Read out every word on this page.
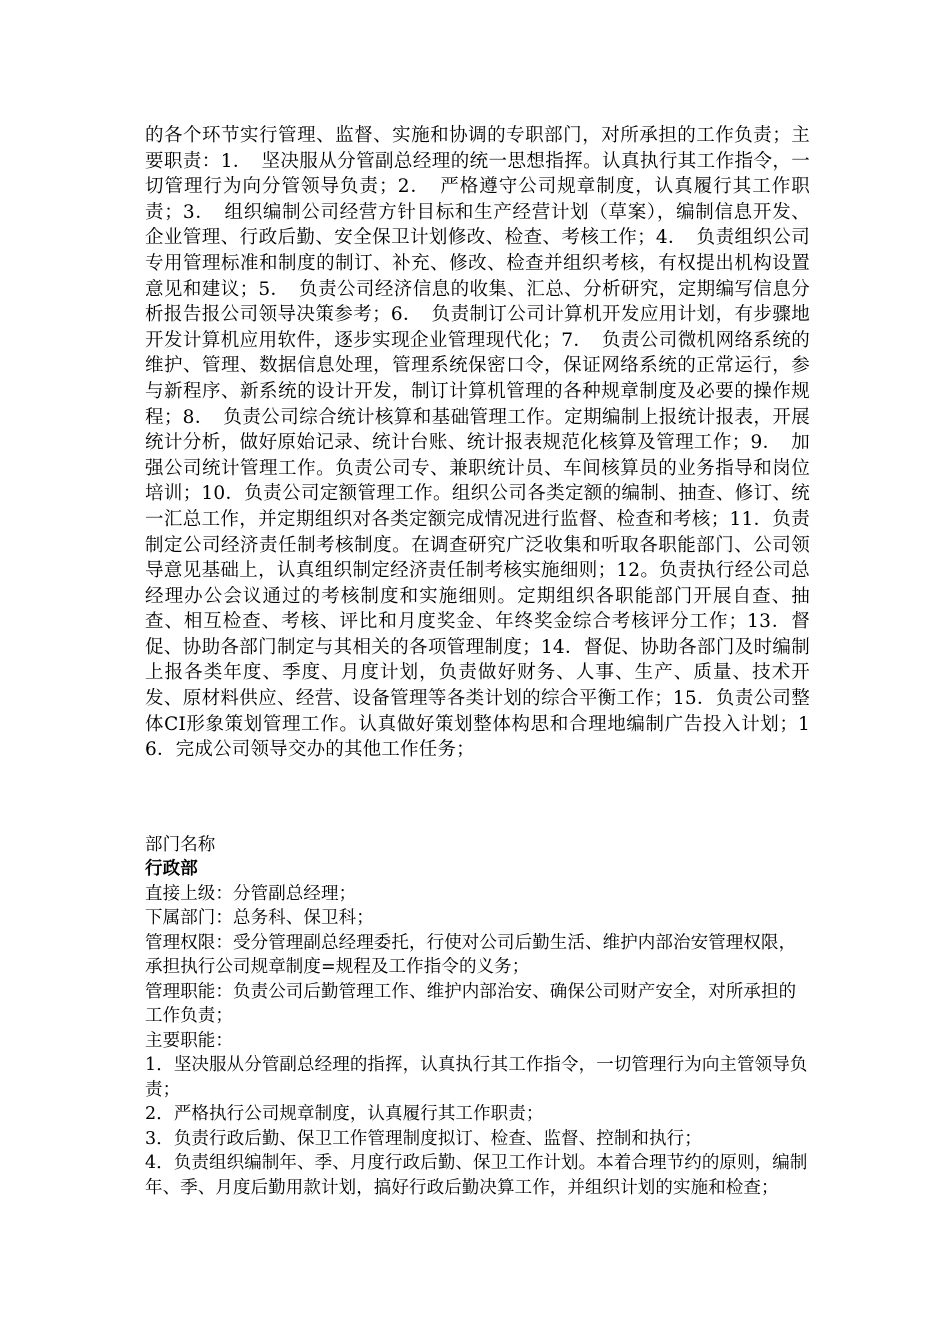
的各个环节实行管理、监督、实施和协调的专职部门，对所承担的工作负责；主要职责：1．　坚决服从分管副总经理的统一思想指挥。认真执行其工作指令，一切管理行为向分管领导负责；2．　严格遵守公司规章制度，认真履行其工作职责；3．　组织编制公司经营方针目标和生产经营计划（草案），编制信息开发、企业管理、行政后勤、安全保卫计划修改、检查、考核工作；4．　负责组织公司专用管理标准和制度的制订、补充、修改、检查并组织考核，有权提出机构设置意见和建议；5．　负责公司经济信息的收集、汇总、分析研究，定期编写信息分析报告报公司领导决策参考；6．　负责制订公司计算机开发应用计划，有步骤地开发计算机应用软件，逐步实现企业管理现代化；7．　负责公司微机网络系统的维护、管理、数据信息处理，管理系统保密口令，保证网络系统的正常运行，参与新程序、新系统的设计开发，制订计算机管理的各种规章制度及必要的操作规程；8．　负责公司综合统计核算和基础管理工作。定期编制上报统计报表，开展统计分析，做好原始记录、统计台账、统计报表规范化核算及管理工作；9．　加强公司统计管理工作。负责公司专、兼职统计员、车间核算员的业务指导和岗位培训；10．负责公司定额管理工作。组织公司各类定额的编制、抽查、修订、统一汇总工作，并定期组织对各类定额完成情况进行监督、检查和考核；11．负责制定公司经济责任制考核制度。在调查研究广泛收集和听取各职能部门、公司领导意见基础上，认真组织制定经济责任制考核实施细则；12。负责执行经公司总经理办公会议通过的考核制度和实施细则。定期组织各职能部门开展自查、抽查、相互检查、考核、评比和月度奖金、年终奖金综合考核评分工作；13．督促、协助各部门制定与其相关的各项管理制度；14．督促、协助各部门及时编制上报各类年度、季度、月度计划，负责做好财务、人事、生产、质量、技术开发、原材料供应、经营、设备管理等各类计划的综合平衡工作；15．负责公司整体CI形象策划管理工作。认真做好策划整体构思和合理地编制广告投入计划；16．完成公司领导交办的其他工作任务；

部门名称

行政部

直接上级：分管副总经理；

下属部门：总务科、保卫科；

管理权限：受分管理副总经理委托，行使对公司后勤生活、维护内部治安管理权限，承担执行公司规章制度=规程及工作指令的义务；

管理职能：负责公司后勤管理工作、维护内部治安、确保公司财产安全，对所承担的工作负责；

主要职能：

1．坚决服从分管副总经理的指挥，认真执行其工作指令，一切管理行为向主管领导负责；

2．严格执行公司规章制度，认真履行其工作职责；

3．负责行政后勤、保卫工作管理制度拟订、检查、监督、控制和执行；

4．负责组织编制年、季、月度行政后勤、保卫工作计划。本着合理节约的原则，编制年、季、月度后勤用款计划，搞好行政后勤决算工作，并组织计划的实施和检查；
